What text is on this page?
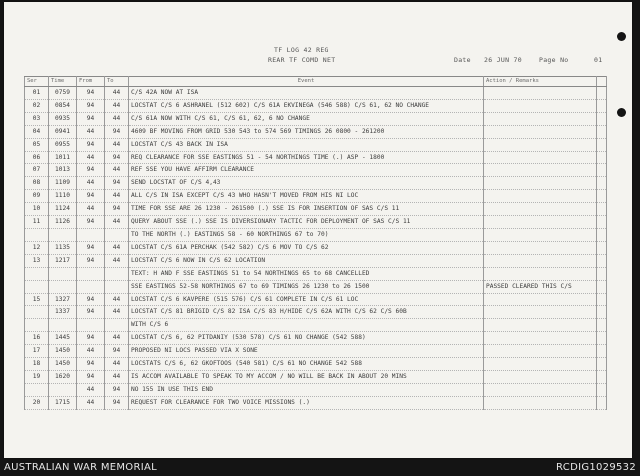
TF LOG 42 REG
REAR TF COMD NET	Date 26 JUN 70	Page No	01
Ser	Time	From	To	Event	Action / Remarks	
01	0759	94	44	C/S 42A NOW AT ISA		
02	0854	94	44	LOCSTAT C/S 6 ASHRANEL (512 602) C/S 61A EKVINEGA (546 588) C/S 61, 62 NO CHANGE		
03	0935	94	44	C/S 61A NOW WITH C/S 61, C/S 61, 62, 6 NO CHANGE		
04	0941	44	94	4609 BF MOVING FROM GRID 530 543 to 574 569 TIMINGS 26 0800 - 261200		
05	0955	94	44	LOCSTAT C/S 43 BACK IN ISA		
06	1011	44	94	REQ CLEARANCE FOR SSE EASTINGS 51 - 54 NORTHINGS TIME (.) ASP - 1800		
07	1013	94	44	REF SSE YOU HAVE AFFIRM CLEARANCE		
08	1109	44	94	SEND LOCSTAT OF C/S 4,43		
09	1110	94	44	ALL C/S IN ISA EXCEPT C/S 43 WHO HASN'T MOVED FROM HIS NI LOC		
10	1124	44	94	TIME FOR SSE ARE 26 1230 - 261500 (.) SSE IS FOR INSERTION OF SAS C/S 11		
11	1126	94	44	QUERY ABOUT SSE (.) SSE IS DIVERSIONARY TACTIC FOR DEPLOYMENT OF SAS C/S 11		
				TO THE NORTH (.) EASTINGS 58 - 60 NORTHINGS 67 to 70)		
12	1135	94	44	LOCSTAT C/S 61A PERCHAK (542 582) C/S 6 MOV TO C/S 62		
13	1217	94	44	LOCSTAT C/S 6 NOW IN C/S 62 LOCATION		
				TEXT: H AND F SSE EASTINGS 51 to 54 NORTHINGS 65 to 68 CANCELLED		
				SSE EASTINGS 52-58 NORTHINGS 67 to 69 TIMINGS 26 1230 to 26 1500	PASSED CLEARED THIS C/S	
15	1327	94	44	LOCSTAT C/S 6 KAVPERE (515 576) C/S 61 COMPLETE IN C/S 61 LOC		
	1337	94	44	LOCSTAT C/S 81 BRIGID C/S 82 ISA C/S 83 H/HIDE C/S 62A WITH C/S 62 C/S 60B		
				WITH C/S 6		
16	1445	94	44	LOCSTAT C/S 6, 62 PITDANIY (530 578) C/S 61 NO CHANGE (542 588)		
17	1450	44	94	PROPOSED NI LOCS PASSED VIA X SONE		
18	1450	94	44	LOCSTATS C/S 6, 62 GKOFTOOS (540 581) C/S 61 NO CHANGE 542 588		
19	1620	94	44	IS ACCOM AVAILABLE TO SPEAK TO MY ACCOM / NO WILL BE BACK IN ABOUT 20 MINS		
		44	94	NO 155 IN USE THIS END		
20	1715	44	94	REQUEST FOR CLEARANCE FOR TWO VOICE MISSIONS (.)		
AUSTRALIAN WAR MEMORIAL	RCDIG1029532
